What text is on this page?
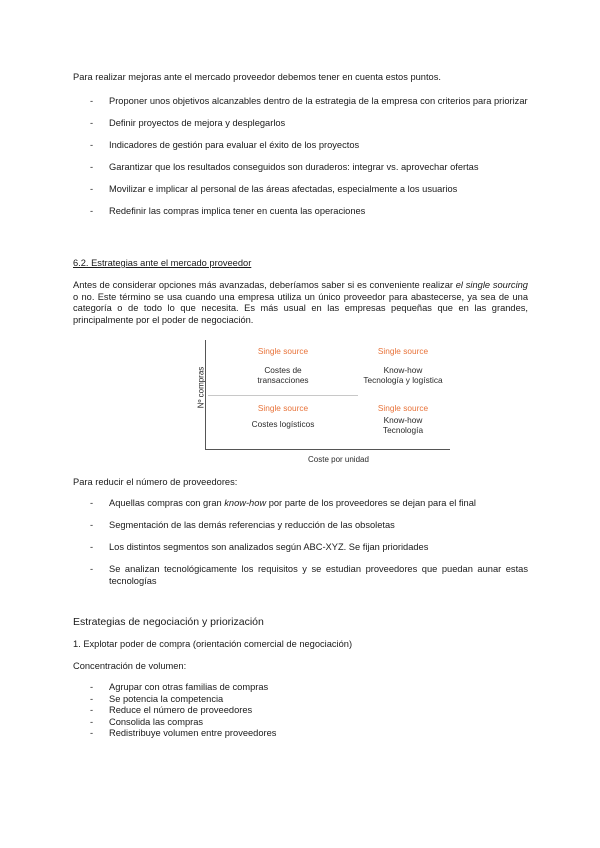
Para realizar mejoras ante el mercado proveedor debemos tener en cuenta estos puntos.

- Proponer unos objetivos alcanzables dentro de la estrategia de la empresa con criterios para priorizar
- Definir proyectos de mejora y desplegarlos
- Indicadores de gestión para evaluar el éxito de los proyectos
- Garantizar que los resultados conseguidos son duraderos: integrar vs. aprovechar ofertas
- Movilizar e implicar al personal de las áreas afectadas, especialmente a los usuarios
- Redefinir las compras implica tener en cuenta las operaciones

6.2. Estrategias ante el mercado proveedor

Antes de considerar opciones más avanzadas, deberíamos saber si es conveniente realizar el single sourcing o no. Este término se usa cuando una empresa utiliza un único proveedor para abastecerse, ya sea de una categoría o de todo lo que necesita. Es más usual en las empresas pequeñas que en las grandes, principalmente por el poder de negociación.

Nº compras
Coste por unidad
Single source
Costes de
transacciones
Single source
Know-how
Tecnología y logística
Single source
Costes logísticos
Single source
Know-how
Tecnología

Para reducir el número de proveedores:

- Aquellas compras con gran know-how por parte de los proveedores se dejan para el final
- Segmentación de las demás referencias y reducción de las obsoletas
- Los distintos segmentos son analizados según ABC-XYZ. Se fijan prioridades
- Se analizan tecnológicamente los requisitos y se estudian proveedores que puedan aunar estas tecnologías

Estrategias de negociación y priorización

1. Explotar poder de compra (orientación comercial de negociación)

Concentración de volumen:

- Agrupar con otras familias de compras
- Se potencia la competencia
- Reduce el número de proveedores
- Consolida las compras
- Redistribuye volumen entre proveedores
